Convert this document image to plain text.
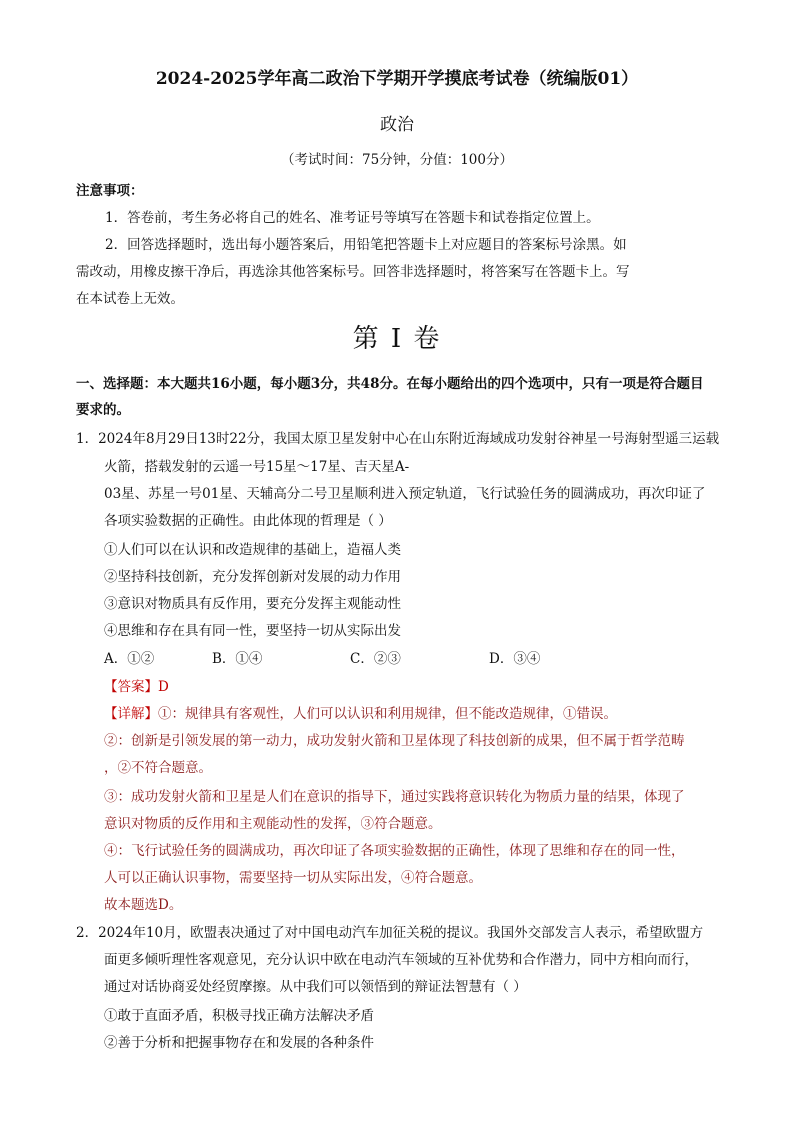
2024-2025学年高二政治下学期开学摸底考试卷（统编版01）
政治
（考试时间：75分钟，分值：100分）
注意事项：
1．答卷前，考生务必将自己的姓名、准考证号等填写在答题卡和试卷指定位置上。
2．回答选择题时，选出每小题答案后，用铅笔把答题卡上对应题目的答案标号涂黑。如
需改动，用橡皮擦干净后，再选涂其他答案标号。回答非选择题时，将答案写在答题卡上。写
在本试卷上无效。
第 I 卷
一、选择题：本大题共16小题，每小题3分，共48分。在每小题给出的四个选项中，只有一项是符合题目
要求的。
1．2024年8月29日13时22分，我国太原卫星发射中心在山东附近海域成功发射谷神星一号海射型遥三运载
火箭，搭载发射的云遥一号15星～17星、吉天星A-
03星、苏星一号01星、天辅高分二号卫星顺利进入预定轨道，飞行试验任务的圆满成功，再次印证了
各项实验数据的正确性。由此体现的哲理是（ ）
①人们可以在认识和改造规律的基础上，造福人类
②坚持科技创新，充分发挥创新对发展的动力作用
③意识对物质具有反作用，要充分发挥主观能动性
④思维和存在具有同一性，要坚持一切从实际出发
A．①②	B．①④	C．②③	D．③④
【答案】D
【详解】①：规律具有客观性，人们可以认识和利用规律，但不能改造规律，①错误。
②：创新是引领发展的第一动力，成功发射火箭和卫星体现了科技创新的成果，但不属于哲学范畴
，②不符合题意。
③：成功发射火箭和卫星是人们在意识的指导下，通过实践将意识转化为物质力量的结果，体现了
意识对物质的反作用和主观能动性的发挥，③符合题意。
④：飞行试验任务的圆满成功，再次印证了各项实验数据的正确性，体现了思维和存在的同一性，
人可以正确认识事物，需要坚持一切从实际出发，④符合题意。
故本题选D。
2．2024年10月，欧盟表决通过了对中国电动汽车加征关税的提议。我国外交部发言人表示，希望欧盟方
面更多倾听理性客观意见，充分认识中欧在电动汽车领域的互补优势和合作潜力，同中方相向而行，
通过对话协商妥处经贸摩擦。从中我们可以领悟到的辩证法智慧有（ ）
①敢于直面矛盾，积极寻找正确方法解决矛盾
②善于分析和把握事物存在和发展的各种条件
